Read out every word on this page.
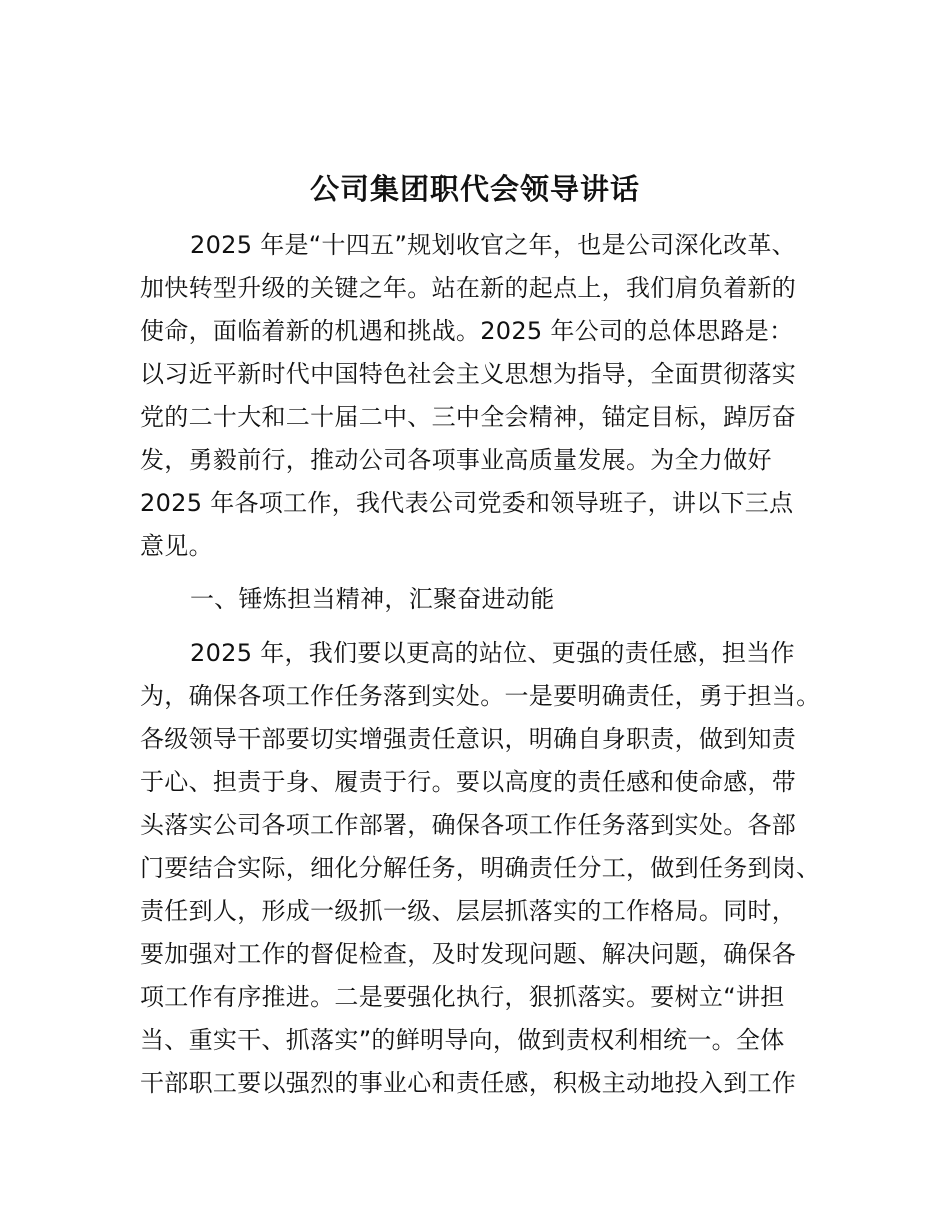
公司集团职代会领导讲话
2025 年是“十四五”规划收官之年，也是公司深化改革、
加快转型升级的关键之年。站在新的起点上，我们肩负着新的
使命，面临着新的机遇和挑战。2025 年公司的总体思路是：
以习近平新时代中国特色社会主义思想为指导，全面贯彻落实
党的二十大和二十届二中、三中全会精神，锚定目标，踔厉奋
发，勇毅前行，推动公司各项事业高质量发展。为全力做好
2025 年各项工作，我代表公司党委和领导班子，讲以下三点
意见。
一、锤炼担当精神，汇聚奋进动能
2025 年，我们要以更高的站位、更强的责任感，担当作
为，确保各项工作任务落到实处。一是要明确责任，勇于担当。
各级领导干部要切实增强责任意识，明确自身职责，做到知责
于心、担责于身、履责于行。要以高度的责任感和使命感，带
头落实公司各项工作部署，确保各项工作任务落到实处。各部
门要结合实际，细化分解任务，明确责任分工，做到任务到岗、
责任到人，形成一级抓一级、层层抓落实的工作格局。同时，
要加强对工作的督促检查，及时发现问题、解决问题，确保各
项工作有序推进。二是要强化执行，狠抓落实。要树立“讲担
当、重实干、抓落实”的鲜明导向，做到责权利相统一。全体
干部职工要以强烈的事业心和责任感，积极主动地投入到工作
